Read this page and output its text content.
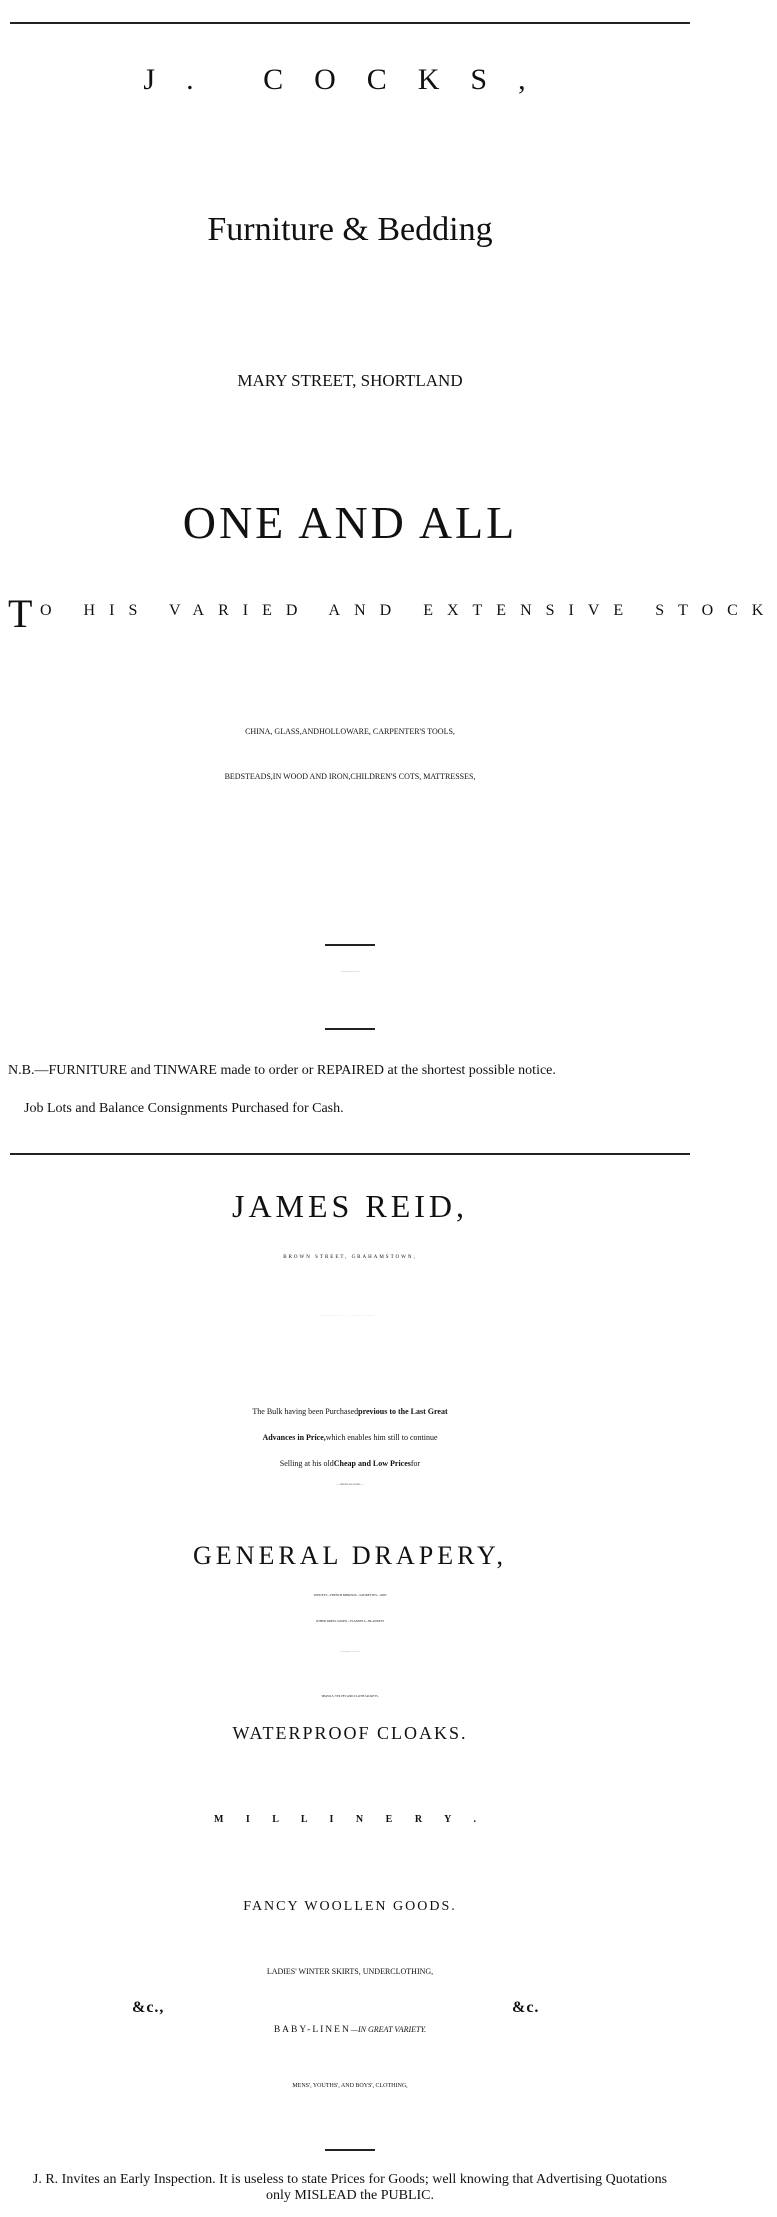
J. COCKS,
Furniture & Bedding
MARY STREET, SHORTLAND
ONE AND ALL
T O HIS VARIED AND EXTENSIVE STOCK
CHINA, GLASS, AND HOLLOWARE, CARPENTER'S TOOLS,
BEDSTEADS, IN WOOD AND IRON, CHILDREN'S COTS, MATTRESSES,
ALL PRICES MARKED IN PLAIN FIGURES.
N.B.—FURNITURE and TINWARE made to order or REPAIRED at the shortest possible notice.
Job Lots and Balance Consignments Purchased for Cash.
JAMES REID,
BROWN STREET, GRAHAMSTOWN,
EXTENSIVE ALTERATIONS,
The Bulk having been Purchased previous to the Last Great
Advances in Price, which enables him still to continue
Selling at his old Cheap and Low Prices for
.........FIRST-CLASS GOODS.........
GENERAL DRAPERY,
WINCEYS—FRENCH MERINOS—SATINETTES—AND
OTHER DRESS GOODS—FLANNELS—BLANKETS
&c., TOO NUMEROUS TO PARTICULARIZE,
SHAWLS, VELVET AND CLOTH JACKETS,
WATERPROOF CLOAKS.
M I L L I N E R Y .
FANCY WOOLLEN GOODS.
LADIES' WINTER SKIRTS, UNDERCLOTHING,
&c.,	&c.
BABY-LINEN—IN GREAT VARIETY.
MENS', YOUTHS', AND BOYS', CLOTHING,
J. R. Invites an Early Inspection. It is useless to state Prices for Goods; well knowing that Advertising Quotations only MISLEAD the PUBLIC.
